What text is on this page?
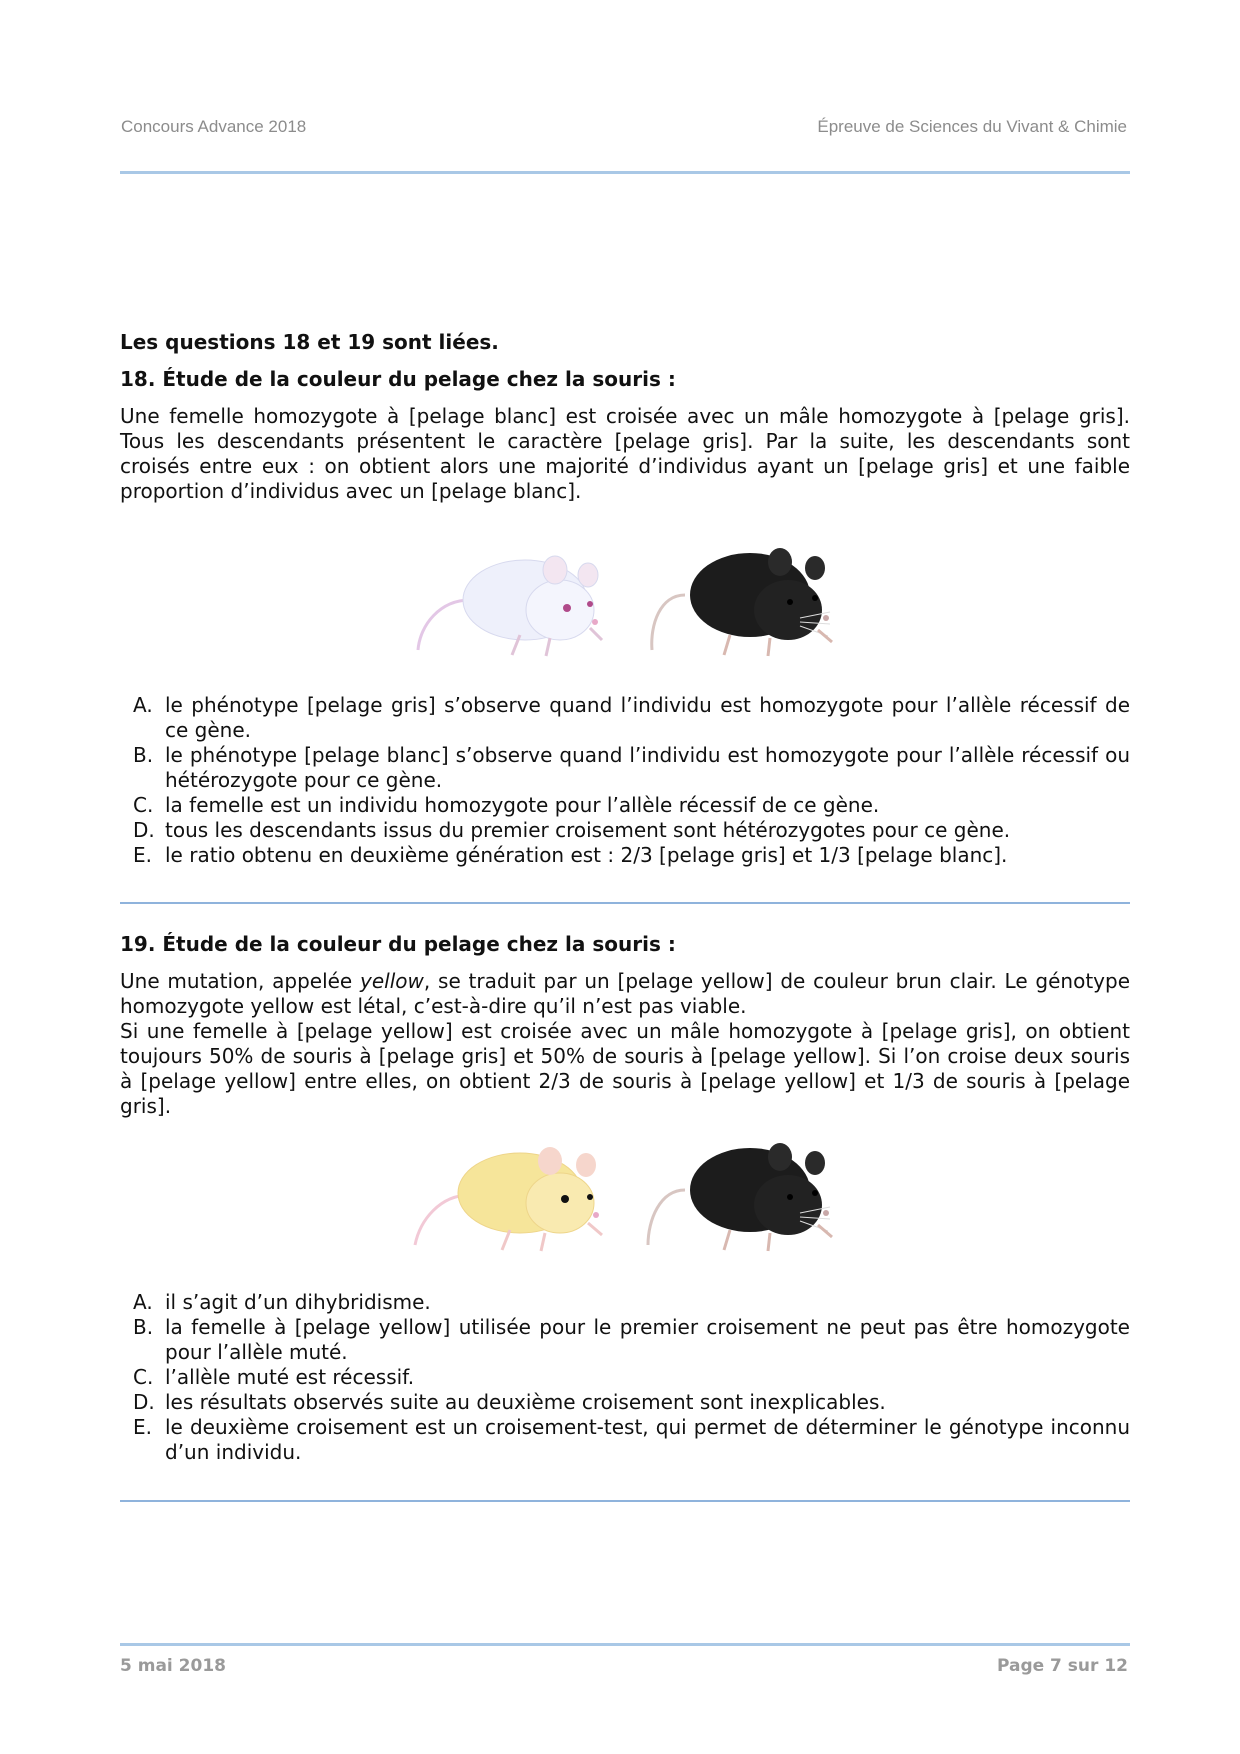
Concours Advance 2018	Épreuve de Sciences du Vivant & Chimie
Les questions 18 et 19 sont liées.

18. Étude de la couleur du pelage chez la souris :

Une femelle homozygote à [pelage blanc] est croisée avec un mâle homozygote à [pelage gris]. Tous les descendants présentent le caractère [pelage gris]. Par la suite, les descendants sont croisés entre eux : on obtient alors une majorité d’individus ayant un [pelage gris] et une faible proportion d’individus avec un [pelage blanc].

A. le phénotype [pelage gris] s’observe quand l’individu est homozygote pour l’allèle récessif de ce gène.
B. le phénotype [pelage blanc] s’observe quand l’individu est homozygote pour l’allèle récessif ou hétérozygote pour ce gène.
C. la femelle est un individu homozygote pour l’allèle récessif de ce gène.
D. tous les descendants issus du premier croisement sont hétérozygotes pour ce gène.
E. le ratio obtenu en deuxième génération est : 2/3 [pelage gris] et 1/3 [pelage blanc].

19. Étude de la couleur du pelage chez la souris :

Une mutation, appelée yellow, se traduit par un [pelage yellow] de couleur brun clair. Le génotype homozygote yellow est létal, c’est-à-dire qu’il n’est pas viable.

Si une femelle à [pelage yellow] est croisée avec un mâle homozygote à [pelage gris], on obtient toujours 50% de souris à [pelage gris] et 50% de souris à [pelage yellow]. Si l’on croise deux souris à [pelage yellow] entre elles, on obtient 2/3 de souris à [pelage yellow] et 1/3 de souris à [pelage gris].

A. il s’agit d’un dihybridisme.
B. la femelle à [pelage yellow] utilisée pour le premier croisement ne peut pas être homozygote pour l’allèle muté.
C. l’allèle muté est récessif.
D. les résultats observés suite au deuxième croisement sont inexplicables.
E. le deuxième croisement est un croisement-test, qui permet de déterminer le génotype inconnu d’un individu.
5 mai 2018	Page 7 sur 12
